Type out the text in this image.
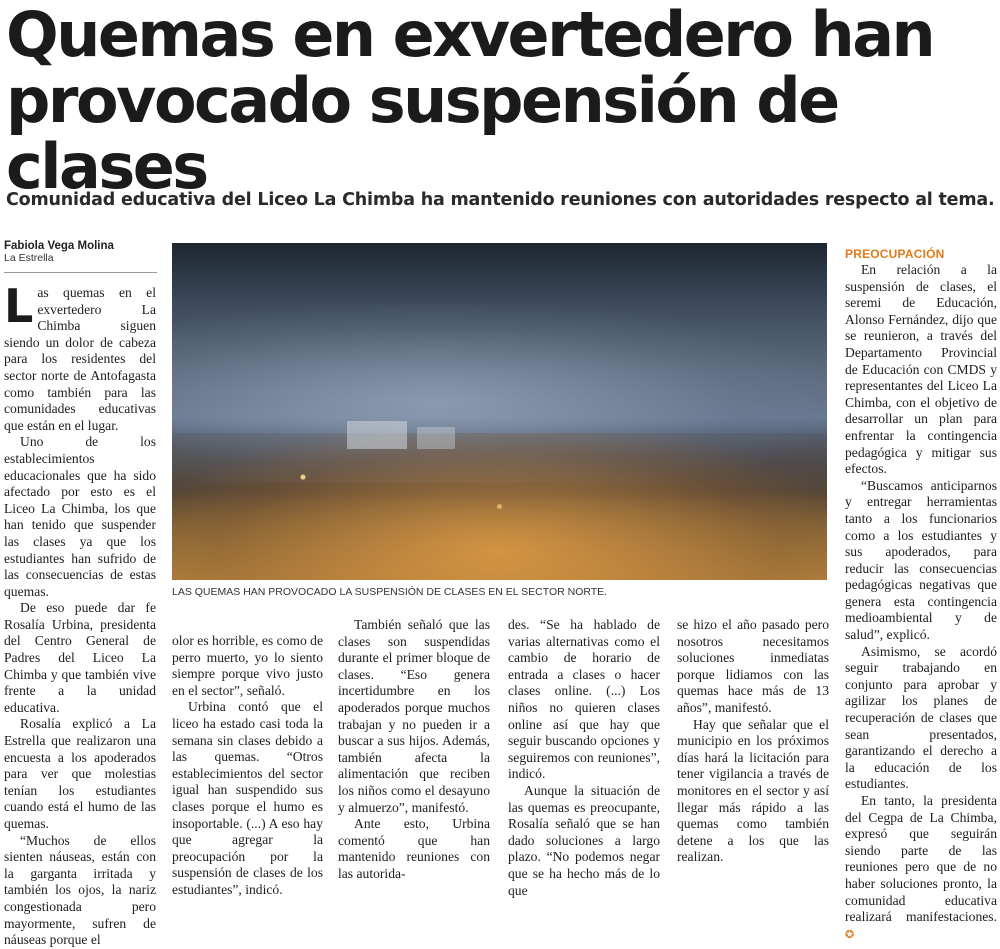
Quemas en exvertedero han provocado suspensión de clases
Comunidad educativa del Liceo La Chimba ha mantenido reuniones con autoridades respecto al tema.
Fabiola Vega Molina
La Estrella
LAS QUEMAS HAN PROVOCADO LA SUSPENSIÓN DE CLASES EN EL SECTOR NORTE.

Las quemas en el exvertedero La Chimba siguen siendo un dolor de cabeza para los residentes del sector norte de Antofagasta como también para las comunidades educativas que están en el lugar.

Uno de los establecimientos educacionales que ha sido afectado por esto es el Liceo La Chimba, los que han tenido que suspender las clases ya que los estudiantes han sufrido de las consecuencias de estas quemas.

De eso puede dar fe Rosalía Urbina, presidenta del Centro General de Padres del Liceo La Chimba y que también vive frente a la unidad educativa.

Rosalía explicó a La Estrella que realizaron una encuesta a los apoderados para ver que molestias tenían los estudiantes cuando está el humo de las quemas.

“Muchos de ellos sienten náuseas, están con la garganta irritada y también los ojos, la nariz congestionada pero mayormente, sufren de náuseas porque el

olor es horrible, es como de perro muerto, yo lo siento siempre porque vivo justo en el sector”, señaló.

Urbina contó que el liceo ha estado casi toda la semana sin clases debido a las quemas. “Otros establecimientos del sector igual han suspendido sus clases porque el humo es insoportable. (...) A eso hay que agregar la preocupación por la suspensión de clases de los estudiantes”, indicó.

También señaló que las clases son suspendidas durante el primer bloque de clases. “Eso genera incertidumbre en los apoderados porque muchos trabajan y no pueden ir a buscar a sus hijos. Además, también afecta la alimentación que reciben los niños como el desayuno y almuerzo”, manifestó.

Ante esto, Urbina comentó que han mantenido reuniones con las autorida-

des. “Se ha hablado de varias alternativas como el cambio de horario de entrada a clases o hacer clases online. (...) Los niños no quieren clases online así que hay que seguir buscando opciones y seguiremos con reuniones”, indicó.

Aunque la situación de las quemas es preocupante, Rosalía señaló que se han dado soluciones a largo plazo. “No podemos negar que se ha hecho más de lo que

se hizo el año pasado pero nosotros necesitamos soluciones inmediatas porque lidiamos con las quemas hace más de 13 años”, manifestó.

Hay que señalar que el municipio en los próximos días hará la licitación para tener vigilancia a través de monitores en el sector y así llegar más rápido a las quemas como también detene a los que las realizan.

PREOCUPACIÓN

En relación a la suspensión de clases, el seremi de Educación, Alonso Fernández, dijo que se reunieron, a través del Departamento Provincial de Educación con CMDS y representantes del Liceo La Chimba, con el objetivo de desarrollar un plan para enfrentar la contingencia pedagógica y mitigar sus efectos.

“Buscamos anticiparnos y entregar herramientas tanto a los funcionarios como a los estudiantes y sus apoderados, para reducir las consecuencias pedagógicas negativas que genera esta contingencia medioambiental y de salud”, explicó.

Asimismo, se acordó seguir trabajando en conjunto para aprobar y agilizar los planes de recuperación de clases que sean presentados, garantizando el derecho a la educación de los estudiantes.

En tanto, la presidenta del Cegpa de La Chimba, expresó que seguirán siendo parte de las reuniones pero que de no haber soluciones pronto, la comunidad educativa realizará manifestaciones. ✪
